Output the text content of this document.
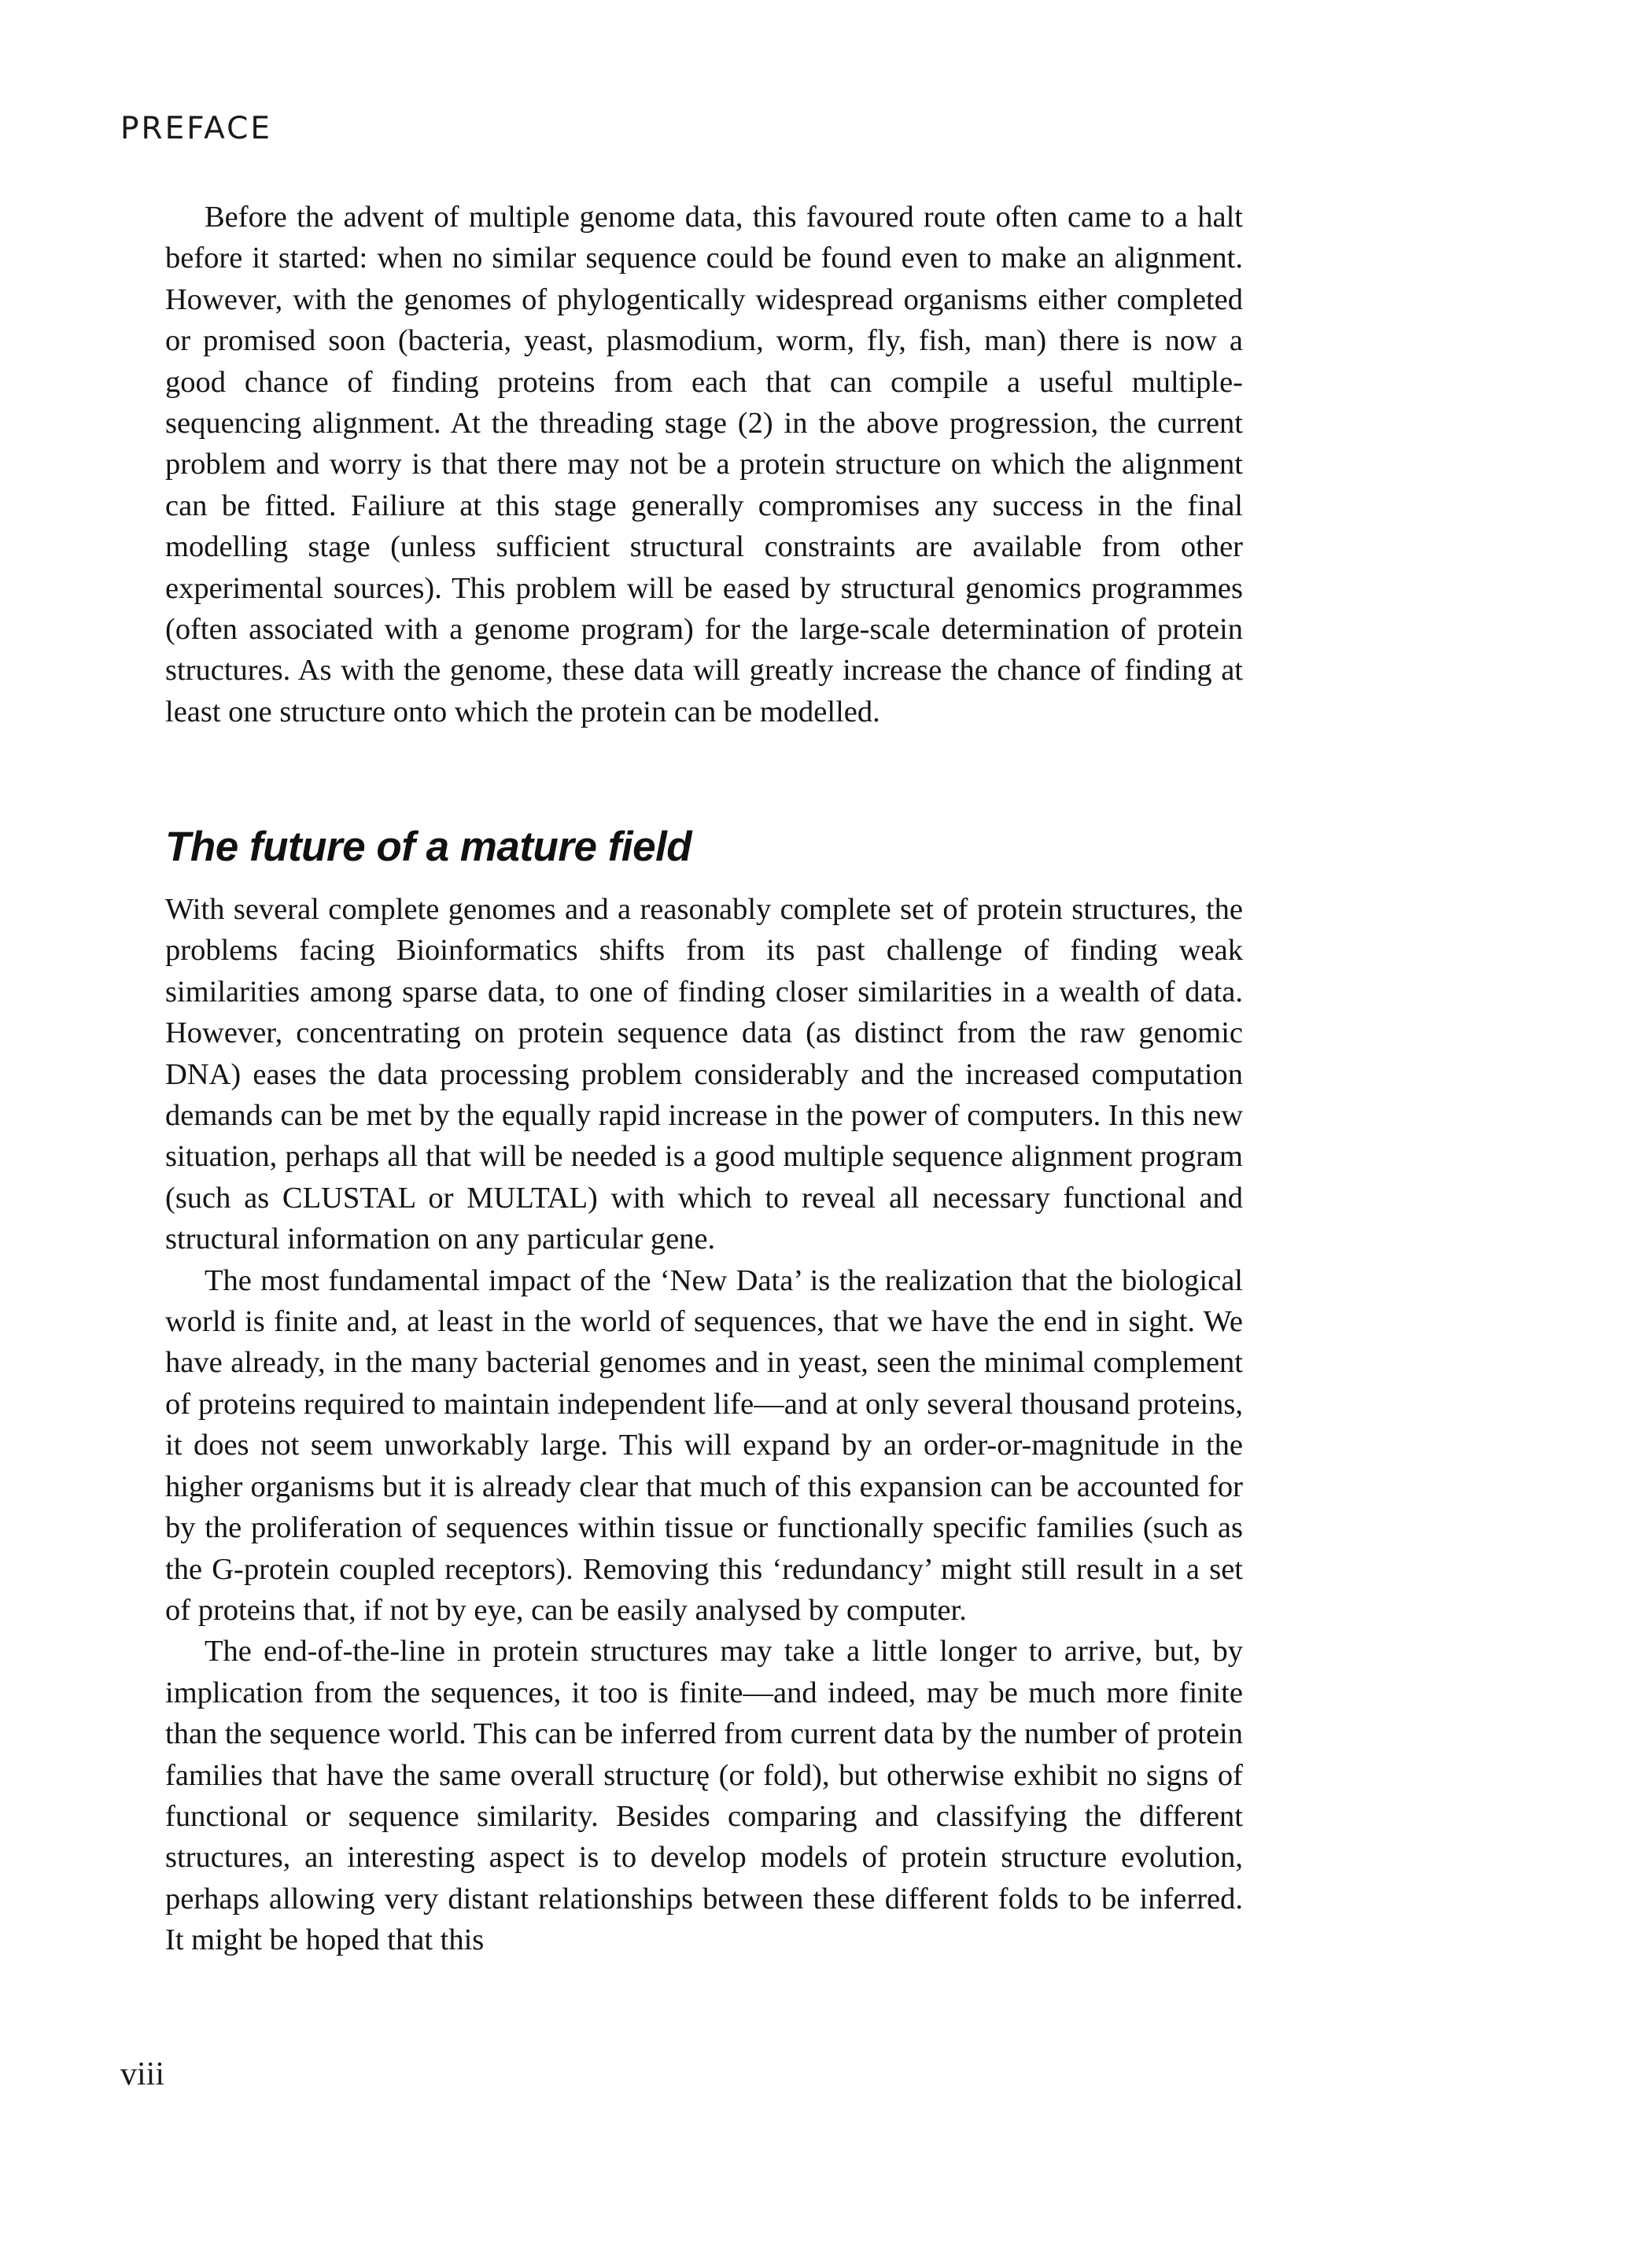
PREFACE

Before the advent of multiple genome data, this favoured route often came to a halt before it started: when no similar sequence could be found even to make an alignment. However, with the genomes of phylogentically widespread organisms either completed or promised soon (bacteria, yeast, plasmodium, worm, fly, fish, man) there is now a good chance of finding proteins from each that can compile a useful multiple-sequencing alignment. At the threading stage (2) in the above progression, the current problem and worry is that there may not be a protein structure on which the alignment can be fitted. Failiure at this stage generally compromises any success in the final modelling stage (unless sufficient structural constraints are available from other experimental sources). This problem will be eased by structural genomics programmes (often associated with a genome program) for the large-scale determination of protein structures. As with the genome, these data will greatly increase the chance of finding at least one structure onto which the protein can be modelled.

The future of a mature field

With several complete genomes and a reasonably complete set of protein structures, the problems facing Bioinformatics shifts from its past challenge of finding weak similarities among sparse data, to one of finding closer similarities in a wealth of data. However, concentrating on protein sequence data (as distinct from the raw genomic DNA) eases the data processing problem considerably and the increased computation demands can be met by the equally rapid increase in the power of computers. In this new situation, perhaps all that will be needed is a good multiple sequence alignment program (such as CLUSTAL or MULTAL) with which to reveal all necessary functional and structural information on any particular gene.

The most fundamental impact of the ‘New Data’ is the realization that the biological world is finite and, at least in the world of sequences, that we have the end in sight. We have already, in the many bacterial genomes and in yeast, seen the minimal complement of proteins required to maintain independent life—and at only several thousand proteins, it does not seem unworkably large. This will expand by an order-or-magnitude in the higher organisms but it is already clear that much of this expansion can be accounted for by the proliferation of sequences within tissue or functionally specific families (such as the G-protein coupled receptors). Removing this ‘redundancy’ might still result in a set of proteins that, if not by eye, can be easily analysed by computer.

The end-of-the-line in protein structures may take a little longer to arrive, but, by implication from the sequences, it too is finite—and indeed, may be much more finite than the sequence world. This can be inferred from current data by the number of protein families that have the same overall structurę (or fold), but otherwise exhibit no signs of functional or sequence similarity. Besides comparing and classifying the different structures, an interesting aspect is to develop models of protein structure evolution, perhaps allowing very distant relationships between these different folds to be inferred. It might be hoped that this

viii
